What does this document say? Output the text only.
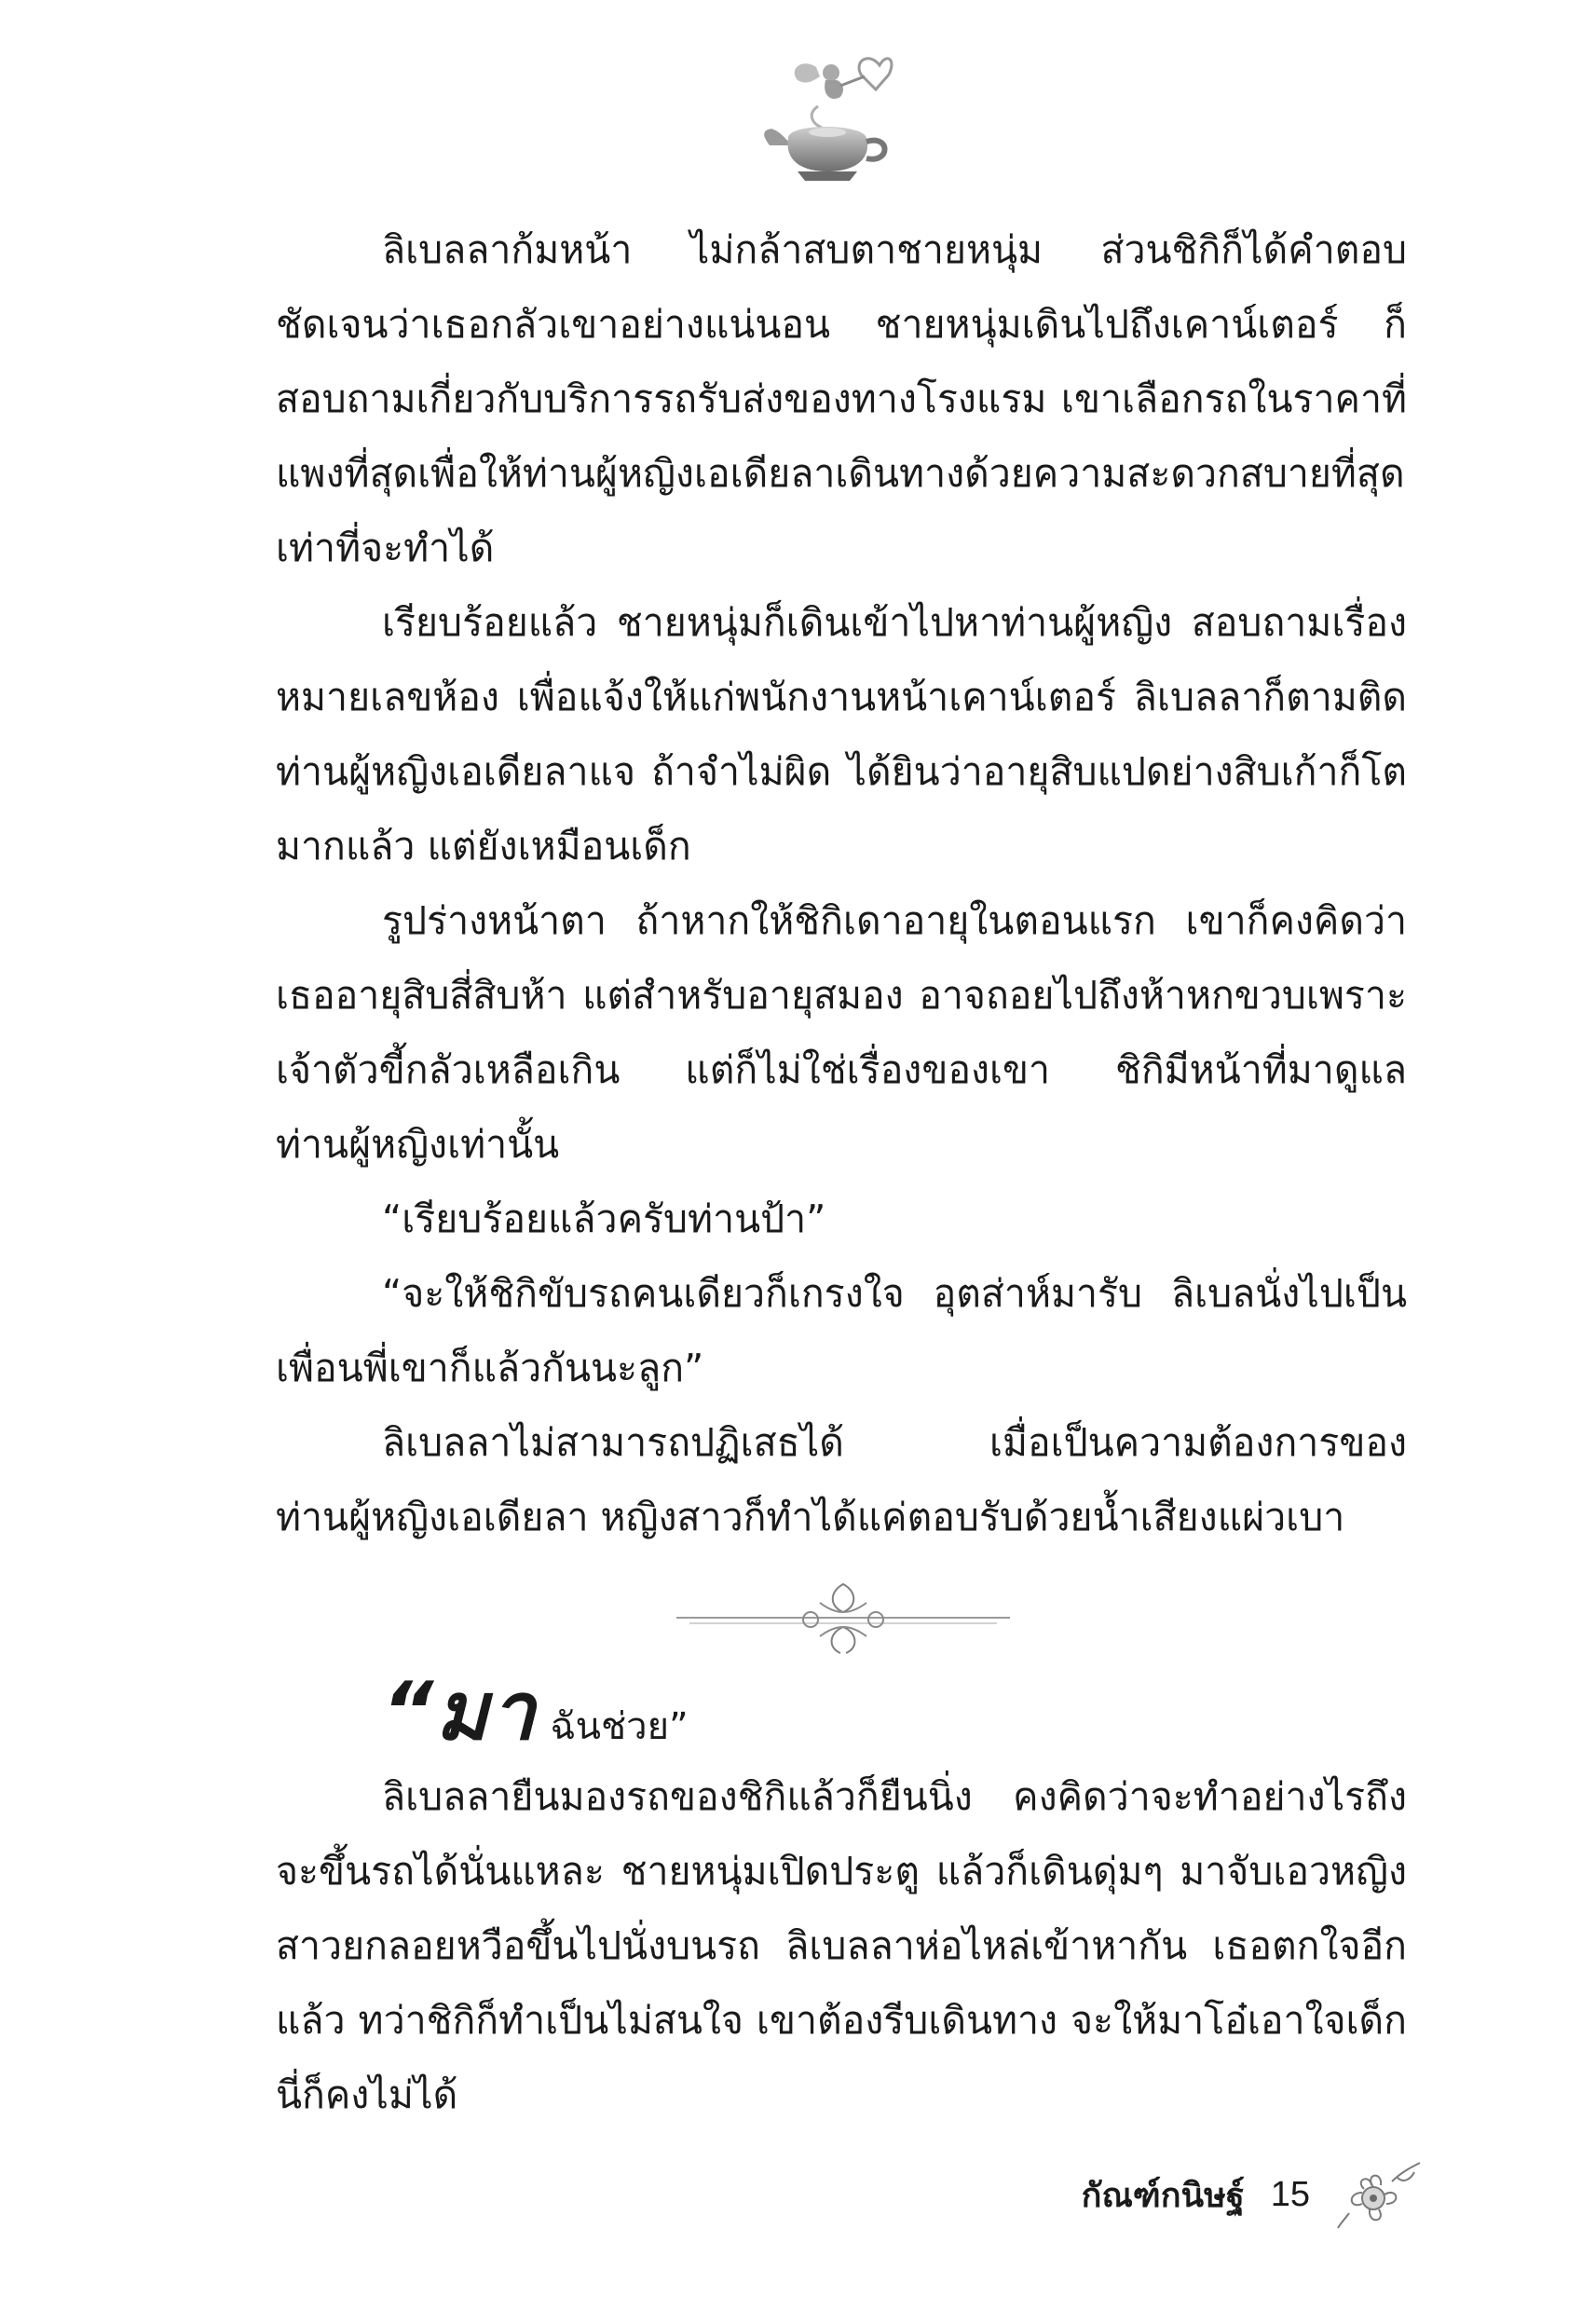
ลิเบลลาก้มหน้า ไม่กล้าสบตาชายหนุ่ม ส่วนชิกิก็ได้คำตอบชัดเจนว่าเธอกลัวเขาอย่างแน่นอน ชายหนุ่มเดินไปถึงเคาน์เตอร์ ก็สอบถามเกี่ยวกับบริการรถรับส่งของทางโรงแรม เขาเลือกรถในราคาที่แพงที่สุดเพื่อให้ท่านผู้หญิงเอเดียลาเดินทางด้วยความสะดวกสบายที่สุดเท่าที่จะทำได้

เรียบร้อยแล้ว ชายหนุ่มก็เดินเข้าไปหาท่านผู้หญิง สอบถามเรื่องหมายเลขห้อง เพื่อแจ้งให้แก่พนักงานหน้าเคาน์เตอร์ ลิเบลลาก็ตามติดท่านผู้หญิงเอเดียลาแจ ถ้าจำไม่ผิด ได้ยินว่าอายุสิบแปดย่างสิบเก้าก็โตมากแล้ว แต่ยังเหมือนเด็ก

รูปร่างหน้าตา ถ้าหากให้ชิกิเดาอายุในตอนแรก เขาก็คงคิดว่าเธออายุสิบสี่สิบห้า แต่สำหรับอายุสมอง อาจถอยไปถึงห้าหกขวบเพราะเจ้าตัวขี้กลัวเหลือเกิน แต่ก็ไม่ใช่เรื่องของเขา ชิกิมีหน้าที่มาดูแลท่านผู้หญิงเท่านั้น

“เรียบร้อยแล้วครับท่านป้า”

“จะให้ชิกิขับรถคนเดียวก็เกรงใจ อุตส่าห์มารับ ลิเบลนั่งไปเป็นเพื่อนพี่เขาก็แล้วกันนะลูก”

ลิเบลลาไม่สามารถปฏิเสธได้ เมื่อเป็นความต้องการของท่านผู้หญิงเอเดียลา หญิงสาวก็ทำได้แค่ตอบรับด้วยน้ำเสียงแผ่วเบา

“มา ฉันช่วย”

ลิเบลลายืนมองรถของชิกิแล้วก็ยืนนิ่ง คงคิดว่าจะทำอย่างไรถึงจะขึ้นรถได้นั่นแหละ ชายหนุ่มเปิดประตู แล้วก็เดินดุ่มๆ มาจับเอวหญิงสาวยกลอยหวือขึ้นไปนั่งบนรถ ลิเบลลาห่อไหล่เข้าหากัน เธอตกใจอีกแล้ว ทว่าชิกิก็ทำเป็นไม่สนใจ เขาต้องรีบเดินทาง จะให้มาโอ๋เอาใจเด็กนี่ก็คงไม่ได้

กัณฑ์กนิษฐ์ 15
